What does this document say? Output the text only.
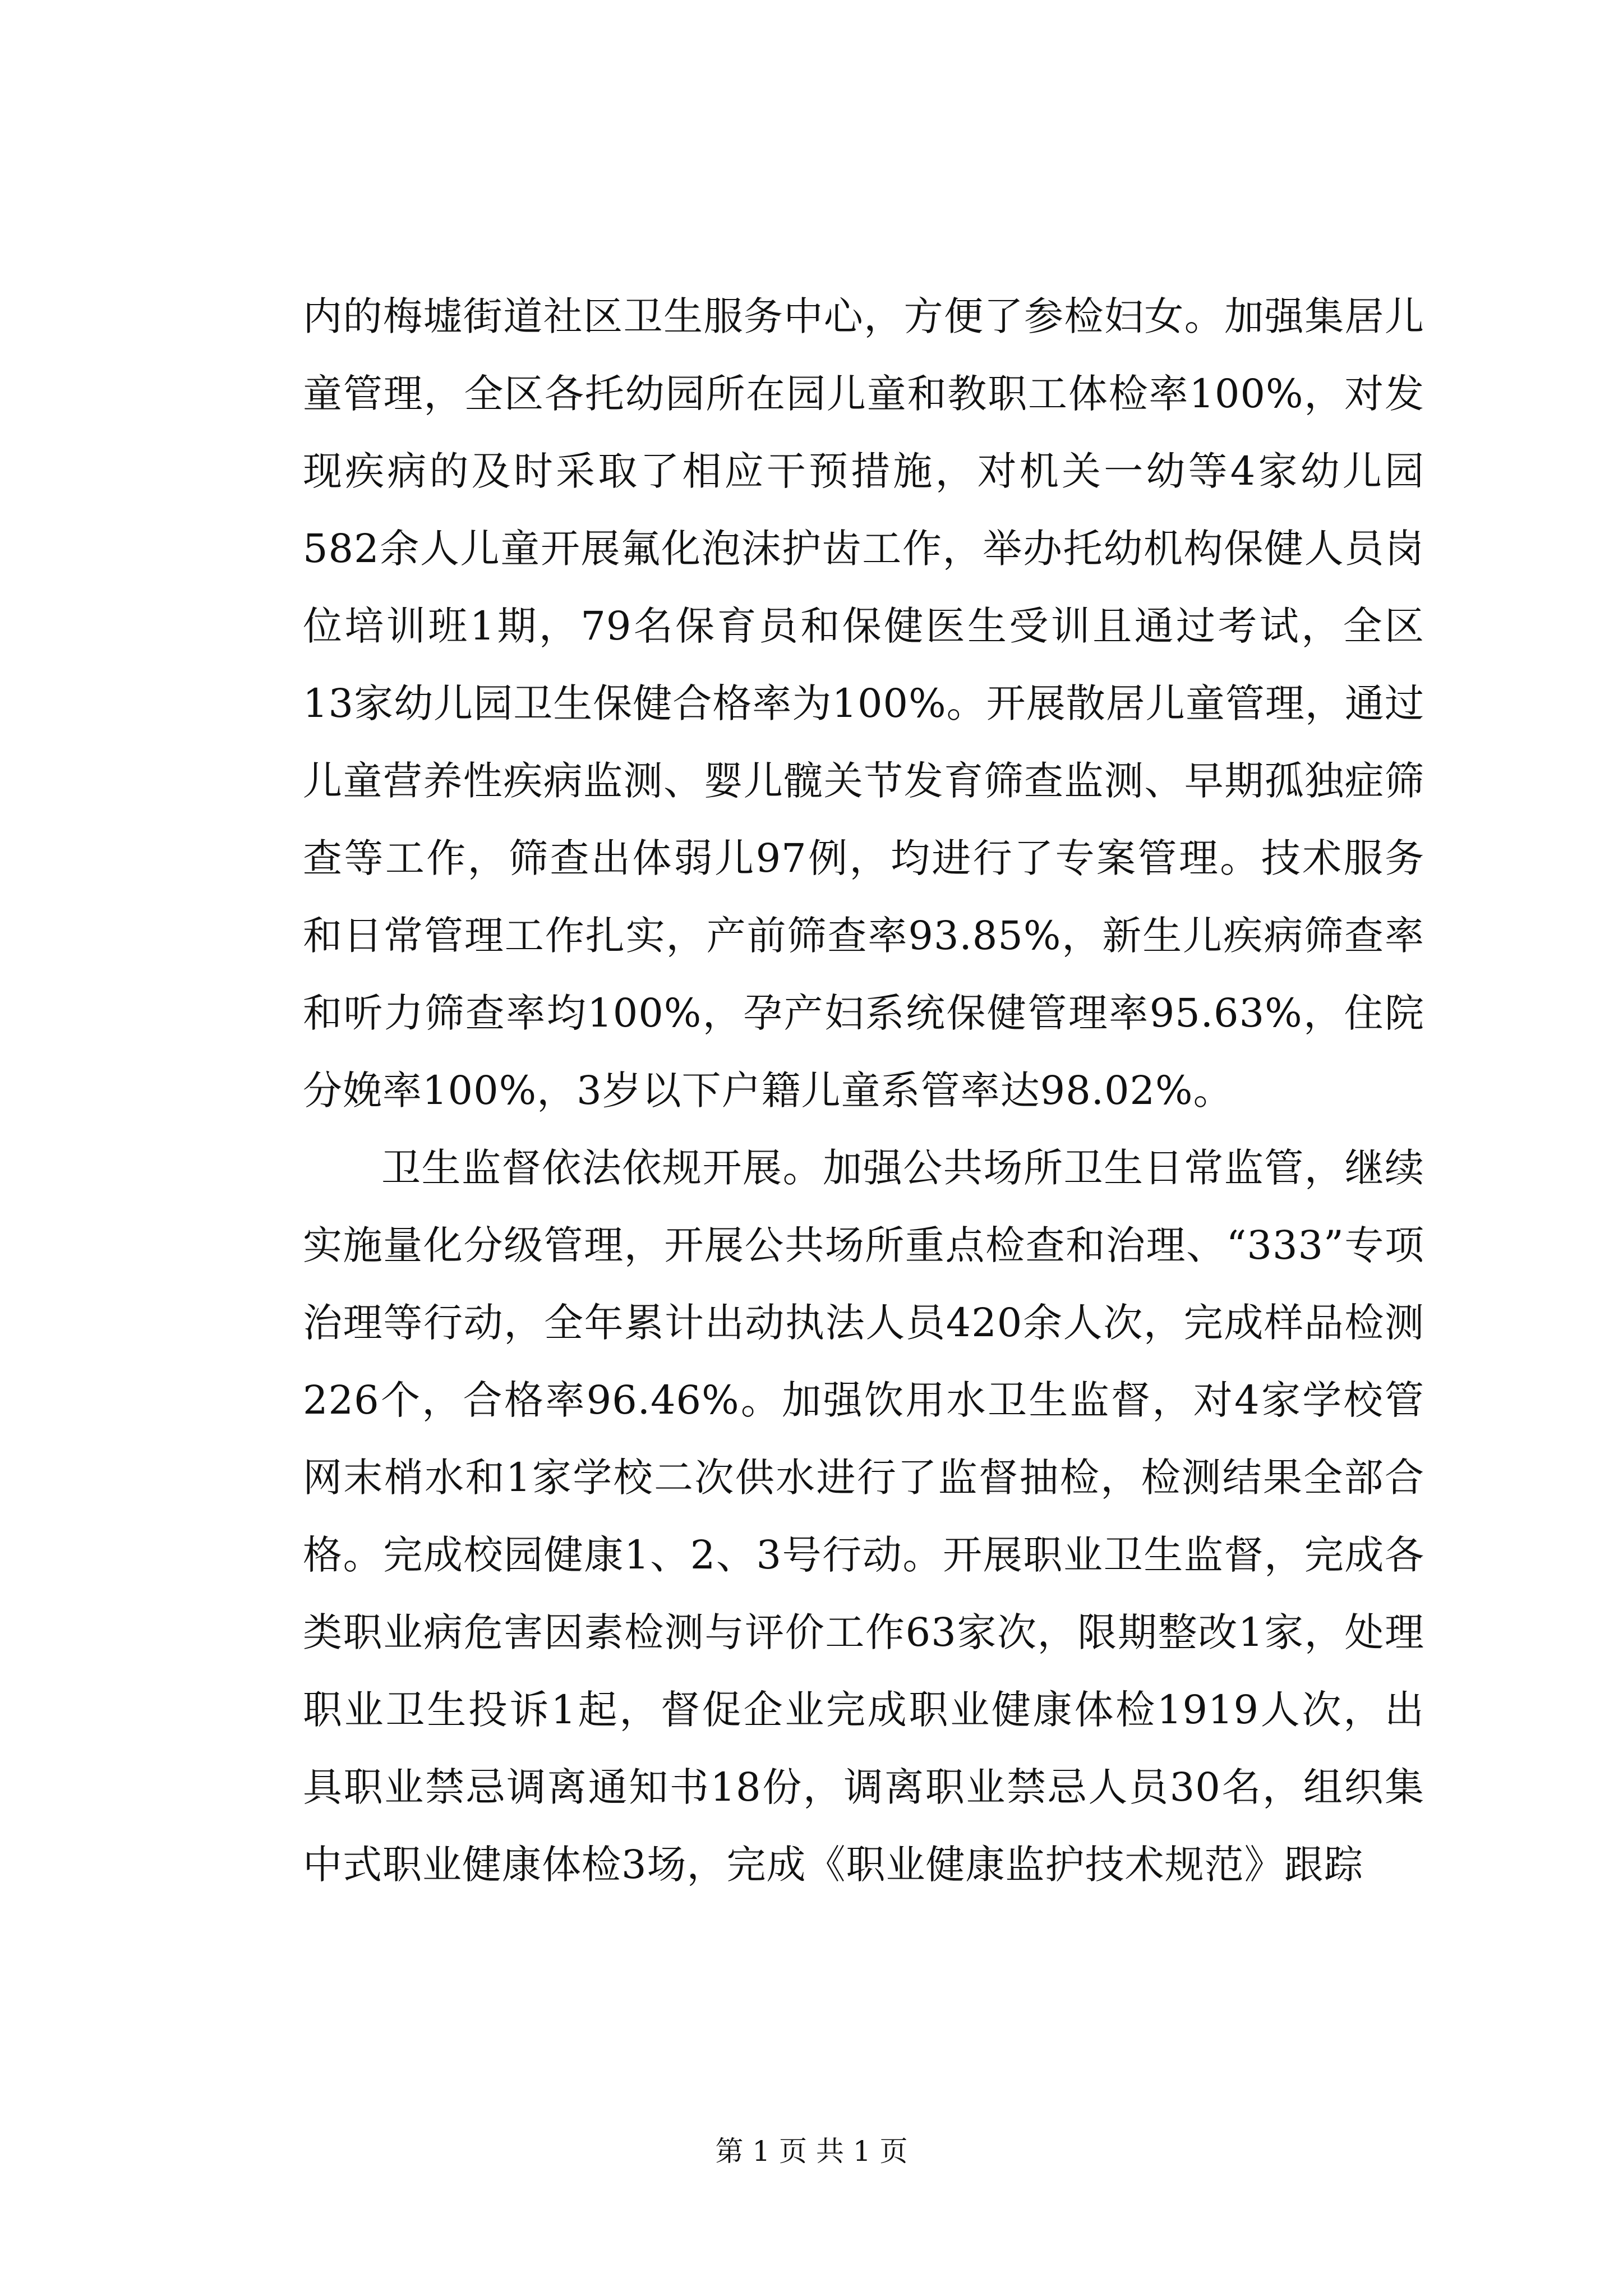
内的梅墟街道社区卫生服务中心，方便了参检妇女。加强集居儿童管理，全区各托幼园所在园儿童和教职工体检率100%，对发现疾病的及时采取了相应干预措施，对机关一幼等4家幼儿园582余人儿童开展氟化泡沫护齿工作，举办托幼机构保健人员岗位培训班1期，79名保育员和保健医生受训且通过考试，全区13家幼儿园卫生保健合格率为100%。开展散居儿童管理，通过儿童营养性疾病监测、婴儿髋关节发育筛查监测、早期孤独症筛查等工作，筛查出体弱儿97例，均进行了专案管理。技术服务和日常管理工作扎实，产前筛查率93.85%，新生儿疾病筛查率和听力筛查率均100%，孕产妇系统保健管理率95.63%，住院分娩率100%，3岁以下户籍儿童系管率达98.02%。

卫生监督依法依规开展。加强公共场所卫生日常监管，继续实施量化分级管理，开展公共场所重点检查和治理、“333”专项治理等行动，全年累计出动执法人员420余人次，完成样品检测226个，合格率96.46%。加强饮用水卫生监督，对4家学校管网末梢水和1家学校二次供水进行了监督抽检，检测结果全部合格。完成校园健康1、2、3号行动。开展职业卫生监督，完成各类职业病危害因素检测与评价工作63家次，限期整改1家，处理职业卫生投诉1起，督促企业完成职业健康体检1919人次，出具职业禁忌调离通知书18份，调离职业禁忌人员30名，组织集中式职业健康体检3场，完成《职业健康监护技术规范》跟踪

第 1 页 共 1 页
